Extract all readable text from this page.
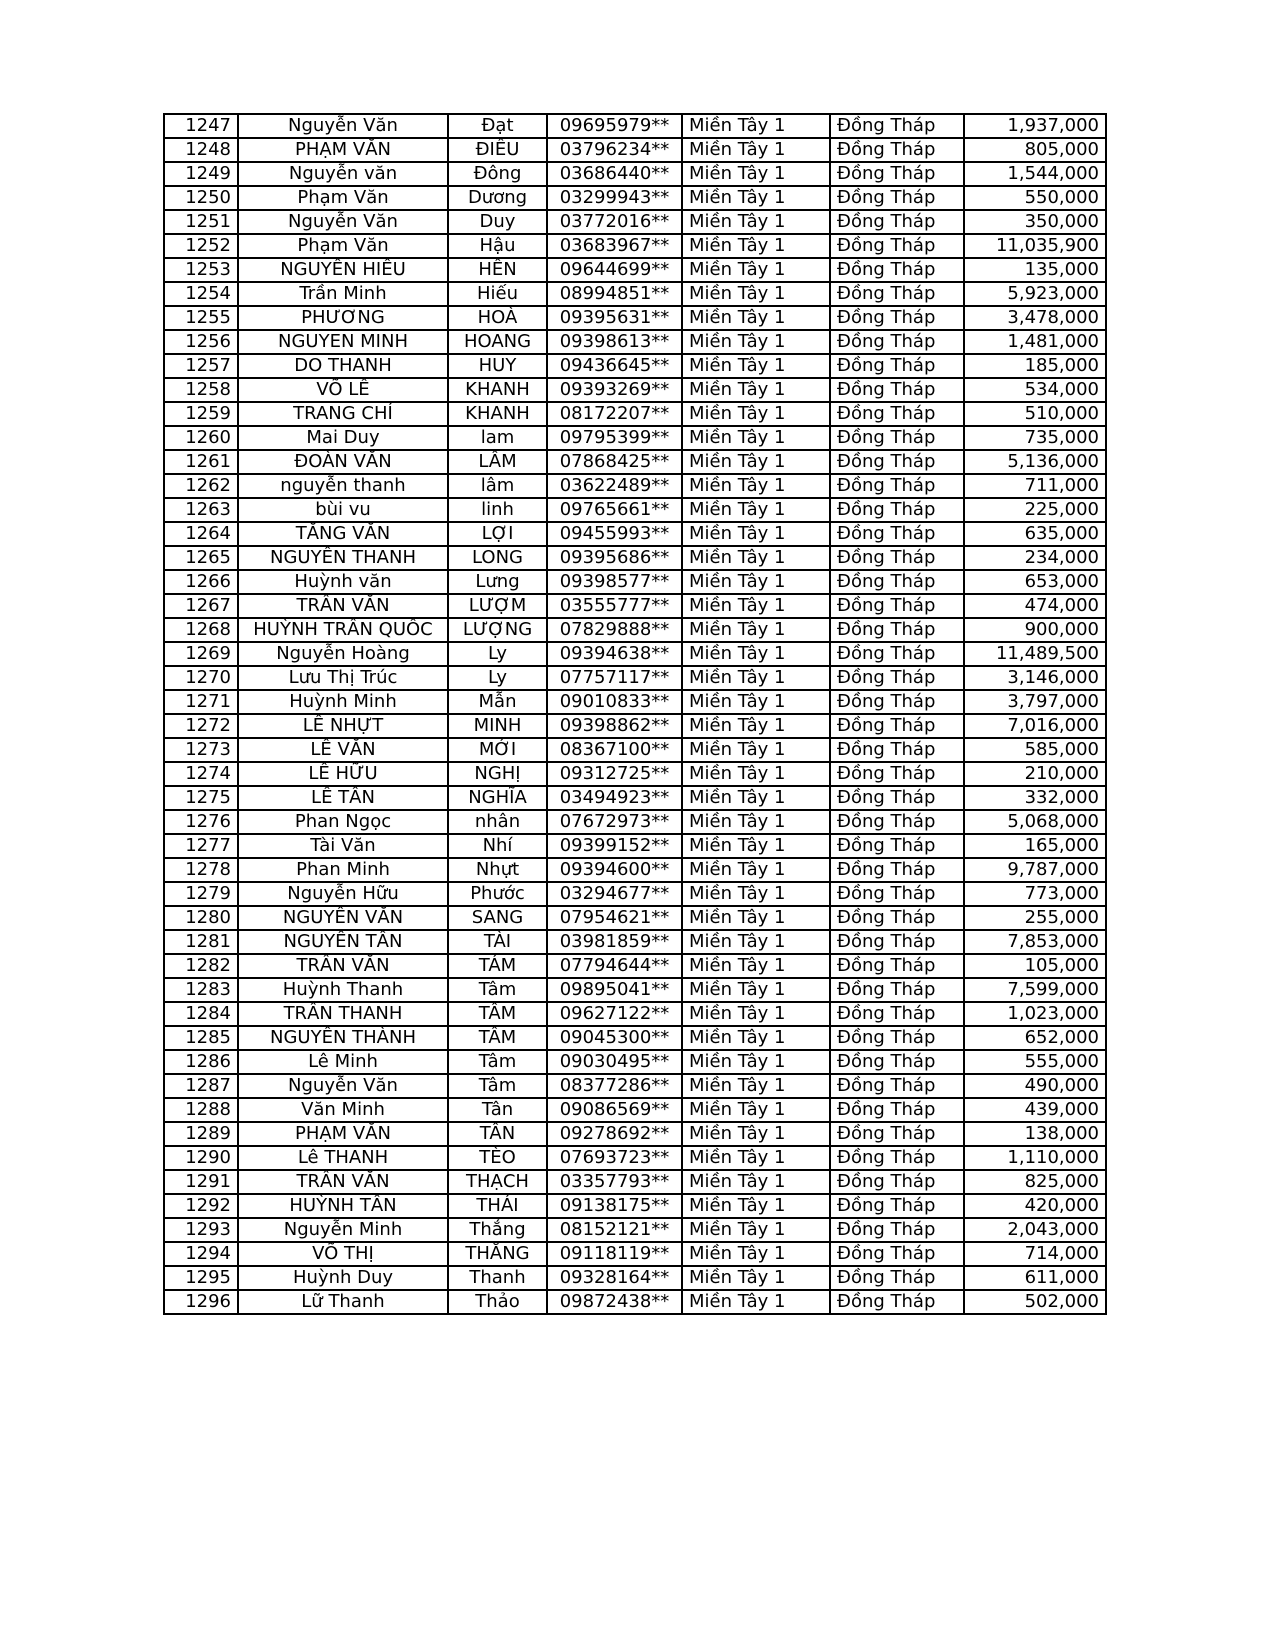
1247	Nguyễn Văn	Đạt	09695979**	Miền Tây 1	Đồng Tháp	1,937,000
1248	PHẠM VĂN	ĐIỀU	03796234**	Miền Tây 1	Đồng Tháp	805,000
1249	Nguyễn văn	Đông	03686440**	Miền Tây 1	Đồng Tháp	1,544,000
1250	Phạm Văn	Dương	03299943**	Miền Tây 1	Đồng Tháp	550,000
1251	Nguyễn Văn	Duy	03772016**	Miền Tây 1	Đồng Tháp	350,000
1252	Phạm Văn	Hậu	03683967**	Miền Tây 1	Đồng Tháp	11,035,900
1253	NGUYỄN HIẾU	HÊN	09644699**	Miền Tây 1	Đồng Tháp	135,000
1254	Trần Minh	Hiếu	08994851**	Miền Tây 1	Đồng Tháp	5,923,000
1255	PHƯƠNG	HOÀ	09395631**	Miền Tây 1	Đồng Tháp	3,478,000
1256	NGUYEN MINH	HOANG	09398613**	Miền Tây 1	Đồng Tháp	1,481,000
1257	DO THANH	HUY	09436645**	Miền Tây 1	Đồng Tháp	185,000
1258	VÕ LÊ	KHANH	09393269**	Miền Tây 1	Đồng Tháp	534,000
1259	TRANG CHÍ	KHANH	08172207**	Miền Tây 1	Đồng Tháp	510,000
1260	Mai Duy	lam	09795399**	Miền Tây 1	Đồng Tháp	735,000
1261	ĐOÀN VĂN	LÂM	07868425**	Miền Tây 1	Đồng Tháp	5,136,000
1262	nguyễn thanh	lâm	03622489**	Miền Tây 1	Đồng Tháp	711,000
1263	bùi vu	linh	09765661**	Miền Tây 1	Đồng Tháp	225,000
1264	TĂNG VĂN	LỢI	09455993**	Miền Tây 1	Đồng Tháp	635,000
1265	NGUYỄN THANH	LONG	09395686**	Miền Tây 1	Đồng Tháp	234,000
1266	Huỳnh văn	Lưng	09398577**	Miền Tây 1	Đồng Tháp	653,000
1267	TRẦN VĂN	LƯỢM	03555777**	Miền Tây 1	Đồng Tháp	474,000
1268	HUỲNH TRẦN QUỐC	LƯỢNG	07829888**	Miền Tây 1	Đồng Tháp	900,000
1269	Nguyễn Hoàng	Ly	09394638**	Miền Tây 1	Đồng Tháp	11,489,500
1270	Lưu Thị Trúc	Ly	07757117**	Miền Tây 1	Đồng Tháp	3,146,000
1271	Huỳnh Minh	Mẫn	09010833**	Miền Tây 1	Đồng Tháp	3,797,000
1272	LÊ NHỰT	MINH	09398862**	Miền Tây 1	Đồng Tháp	7,016,000
1273	LÊ VĂN	MỚI	08367100**	Miền Tây 1	Đồng Tháp	585,000
1274	LÊ HỮU	NGHỊ	09312725**	Miền Tây 1	Đồng Tháp	210,000
1275	LÊ TẤN	NGHĨA	03494923**	Miền Tây 1	Đồng Tháp	332,000
1276	Phan Ngọc	nhân	07672973**	Miền Tây 1	Đồng Tháp	5,068,000
1277	Tài Văn	Nhí	09399152**	Miền Tây 1	Đồng Tháp	165,000
1278	Phan Minh	Nhựt	09394600**	Miền Tây 1	Đồng Tháp	9,787,000
1279	Nguyễn Hữu	Phước	03294677**	Miền Tây 1	Đồng Tháp	773,000
1280	NGUYỄN VĂN	SANG	07954621**	Miền Tây 1	Đồng Tháp	255,000
1281	NGUYỄN TẤN	TÀI	03981859**	Miền Tây 1	Đồng Tháp	7,853,000
1282	TRẦN VĂN	TÁM	07794644**	Miền Tây 1	Đồng Tháp	105,000
1283	Huỳnh Thanh	Tâm	09895041**	Miền Tây 1	Đồng Tháp	7,599,000
1284	TRẦN THANH	TÂM	09627122**	Miền Tây 1	Đồng Tháp	1,023,000
1285	NGUYỄN THÀNH	TÂM	09045300**	Miền Tây 1	Đồng Tháp	652,000
1286	Lê Minh	Tâm	09030495**	Miền Tây 1	Đồng Tháp	555,000
1287	Nguyễn Văn	Tâm	08377286**	Miền Tây 1	Đồng Tháp	490,000
1288	Văn Minh	Tân	09086569**	Miền Tây 1	Đồng Tháp	439,000
1289	PHẠM VĂN	TÂN	09278692**	Miền Tây 1	Đồng Tháp	138,000
1290	Lê THANH	TÈO	07693723**	Miền Tây 1	Đồng Tháp	1,110,000
1291	TRẦN VĂN	THẠCH	03357793**	Miền Tây 1	Đồng Tháp	825,000
1292	HUỲNH TẤN	THÁI	09138175**	Miền Tây 1	Đồng Tháp	420,000
1293	Nguyễn Minh	Thắng	08152121**	Miền Tây 1	Đồng Tháp	2,043,000
1294	VÕ THỊ	THẮNG	09118119**	Miền Tây 1	Đồng Tháp	714,000
1295	Huỳnh Duy	Thanh	09328164**	Miền Tây 1	Đồng Tháp	611,000
1296	Lữ Thanh	Thảo	09872438**	Miền Tây 1	Đồng Tháp	502,000
